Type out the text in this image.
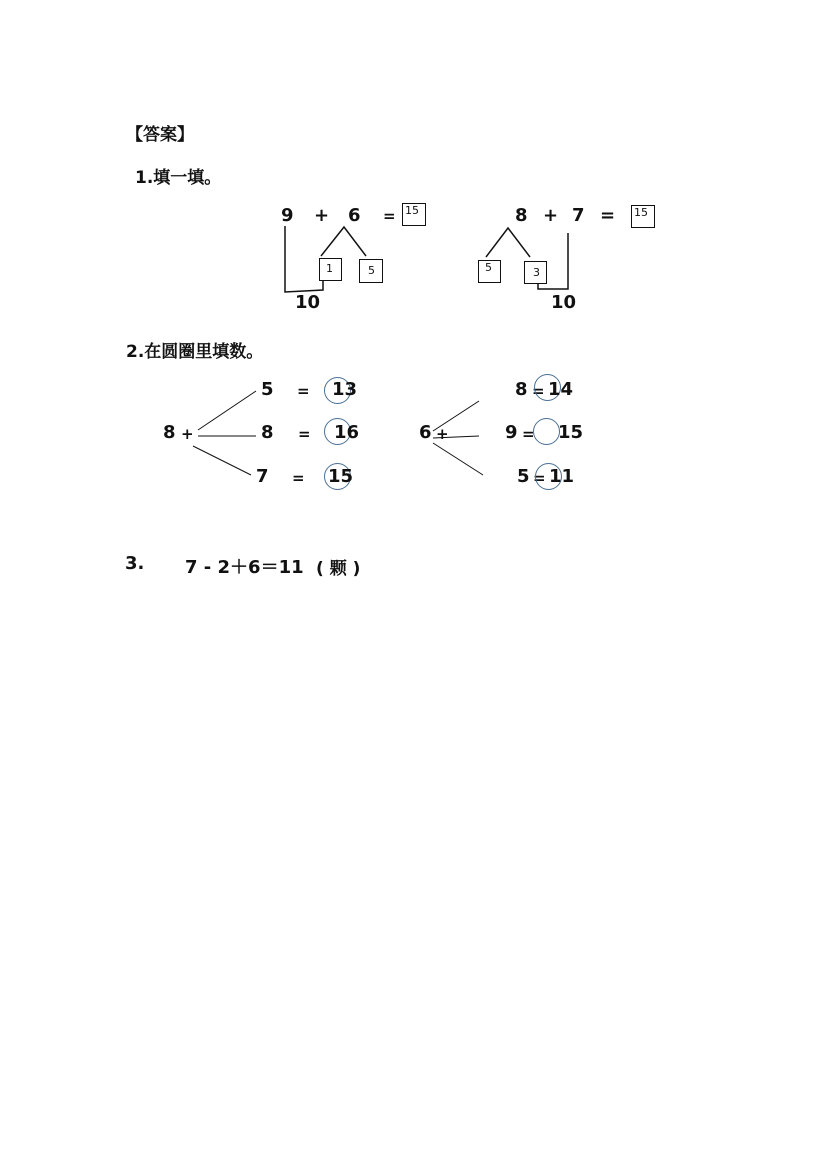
【答案】
1.填一填。
9 + 6 = 15
1	5
10
8 + 7 = 15
5	3
10
2.在圆圈里填数。
8 +
5 = 13
8 = 16
7 = 15
6 +
8 = 14
9 = 15
5 = 11
3. 7 - 2＋6＝11 ( 颗 )
